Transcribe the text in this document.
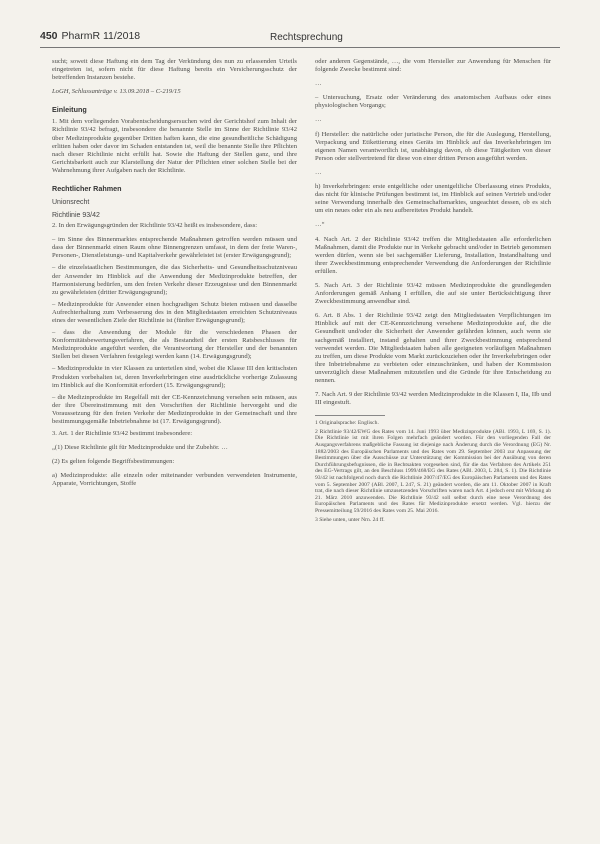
450 PharmR 11/2018	Rechtsprechung

sucht; soweit diese Haftung ein dem Tag der Verkündung des nun zu erlassenden Urteils eingetreten ist, sofern nicht für diese Haftung bereits ein Versicherungsschutz der betreffenden Instanzen bestehe.

LoGH, Schlussanträge v. 13.09.2018 – C-219/15

Einleitung

1. Mit dem vorliegenden Vorabentscheidungsersuchen wird der Gerichtshof zum Inhalt der Richtlinie 93/42 befragt, insbesondere die benannte Stelle im Sinne der Richtlinie 93/42 über Medizinprodukte gegenüber Dritten haften kann, die eine gesundheitliche Schädigung erlitten haben oder davor im Schaden entstanden ist, weil die benannte Stelle ihre Pflichten nach dieser Richtlinie nicht erfüllt hat. Sowie die Haftung der Stellen ganz, und ihre Gerichtsbarkeit auch zur Klarstellung der Natur der Pflichten einer solchen Stelle bei der Wahrnehmung ihrer Aufgaben nach der Richtlinie.

Rechtlicher Rahmen
Unionsrecht
Richtlinie 93/42

2. In den Erwägungsgründen der Richtlinie 93/42 heißt es insbesondere, dass:

– im Sinne des Binnenmarktes entsprechende Maßnahmen getroffen werden müssen und dass der Binnenmarkt einen Raum ohne Binnengrenzen umfasst, in dem der freie Waren-, Personen-, Dienstleistungs- und Kapitalverkehr gewährleistet ist (erster Erwägungsgrund);

– die einzelstaatlichen Bestimmungen, die das Sicherheits- und Gesundheitsschutzniveau der Anwender im Hinblick auf die Anwendung der Medizinprodukte betreffen, der Harmonisierung bedürfen, um den freien Verkehr dieser Erzeugnisse und den Binnenmarkt zu gewährleisten (dritter Erwägungsgrund);

– Medizinprodukte für Anwender einen hochgradigen Schutz bieten müssen und dasselbe Aufrechterhaltung zum Verbesserung des in den Mitgliedstaaten erreichten Schutzniveaus eines der wesentlichen Ziele der Richtlinie ist (fünfter Erwägungsgrund);

– dass die Anwendung der Module für die verschiedenen Phasen der Konformitätsbewertungsverfahren, die als Bestandteil der ersten Ratsbeschlusses für Medizinprodukte angeführt werden, die Verantwortung der Hersteller und der benannten Stellen bei diesen Verfahren festgelegt werden kann (14. Erwägungsgrund);

– Medizinprodukte in vier Klassen zu unterteilen sind, wobei die Klasse III den kritischsten Produkten vorbehalten ist, deren Inverkehrbringen eine ausdrückliche vorherige Zulassung im Hinblick auf die Konformität erfordert (15. Erwägungsgrund);

– die Medizinprodukte im Regelfall mit der CE-Kennzeichnung versehen sein müssen, aus der ihre Übereinstimmung mit den Vorschriften der Richtlinie hervorgeht und die Voraussetzung für den freien Verkehr der Medizinprodukte in der Gemeinschaft und ihre bestimmungsgemäße Inbetriebnahme ist (17. Erwägungsgrund).

3. Art. 1 der Richtlinie 93/42 bestimmt insbesondere:

„(1) Diese Richtlinie gilt für Medizinprodukte und ihr Zubehör. …

(2) Es gelten folgende Begriffsbestimmungen:

a) Medizinprodukte: alle einzeln oder miteinander verbunden verwendeten Instrumente, Apparate, Vorrichtungen, Stoffe

oder anderen Gegenstände, …, die vom Hersteller zur Anwendung für Menschen für folgende Zwecke bestimmt sind:

…

– Untersuchung, Ersatz oder Veränderung des anatomischen Aufbaus oder eines physiologischen Vorgangs;

…

f) Hersteller: die natürliche oder juristische Person, die für die Auslegung, Herstellung, Verpackung und Etikettierung eines Geräts im Hinblick auf das Inverkehrbringen im eigenen Namen verantwortlich ist, unabhängig davon, ob diese Tätigkeiten von dieser Person oder stellvertretend für diese von einer dritten Person ausgeführt werden.

…

h) Inverkehrbringen: erste entgeltliche oder unentgeltliche Überlassung eines Produkts, das nicht für klinische Prüfungen bestimmt ist, im Hinblick auf seinen Vertrieb und/oder seine Verwendung innerhalb des Gemeinschaftsmarktes, ungeachtet dessen, ob es sich um ein neues oder ein als neu aufbereitetes Produkt handelt.

…“

4. Nach Art. 2 der Richtlinie 93/42 treffen die Mitgliedstaaten alle erforderlichen Maßnahmen, damit die Produkte nur in Verkehr gebracht und/oder in Betrieb genommen werden dürfen, wenn sie bei sachgemäßer Lieferung, Installation, Instandhaltung und ihrer Zweckbestimmung entsprechender Verwendung die Anforderungen der Richtlinie erfüllen.

5. Nach Art. 3 der Richtlinie 93/42 müssen Medizinprodukte die grundlegenden Anforderungen gemäß Anhang I erfüllen, die auf sie unter Berücksichtigung ihrer Zweckbestimmung anwendbar sind.

6. Art. 8 Abs. 1 der Richtlinie 93/42 zeigt den Mitgliedstaaten Verpflichtungen im Hinblick auf mit der CE-Kennzeichnung versehene Medizinprodukte auf, die die Gesundheit und/oder die Sicherheit der Anwender gefährden können, auch wenn sie sachgemäß installiert, instand gehalten und ihrer Zweckbestimmung entsprechend verwendet werden. Die Mitgliedstaaten haben alle geeigneten vorläufigen Maßnahmen zu treffen, um diese Produkte vom Markt zurückzuziehen oder ihr Inverkehrbringen oder ihre Inbetriebnahme zu verbieten oder einzuschränken, und haben der Kommission unverzüglich diese Maßnahmen mitzuteilen und die Gründe für ihre Entscheidung zu nennen.

7. Nach Art. 9 der Richtlinie 93/42 werden Medizinprodukte in die Klassen I, IIa, IIb und III eingestuft.

1 Originalsprache: Englisch.

2 Richtlinie 93/42/EWG des Rates vom 14. Juni 1993 über Medizinprodukte (ABl. 1993, L 169, S. 1). Die Richtlinie ist mit ihren Folgen mehrfach geändert worden. Für den vorliegenden Fall der Ausgangsverfahrens maßgebliche Fassung ist diejenige nach Änderung durch die Verordnung (EG) Nr. 1882/2003 des Europäischen Parlaments und des Rates vom 29. September 2003 zur Anpassung der Bestimmungen über die Ausschüsse zur Unterstützung der Kommission bei der Ausübung von deren Durchführungsbefugnissen, die in Rechtsakten vorgesehen sind, für die das Verfahren des Artikels 251 des EG-Vertrags gilt, an den Beschluss 1999/468/EG des Rates (ABl. 2003, L 284, S. 1). Die Richtlinie 93/42 ist nachfolgend noch durch die Richtlinie 2007/47/EG des Europäischen Parlaments und des Rates vom 5. September 2007 (ABl. 2007, L 247, S. 21) geändert worden, die am 11. Oktober 2007 in Kraft trat, die nach dieser Richtlinie umzusetzenden Vorschriften waren nach Art. 4 jedoch erst mit Wirkung ab 21. März 2010 anzuwenden. Die Richtlinie 93/42 soll selbst durch eine neue Verordnung des Europäischen Parlaments und des Rates für Medizinprodukte ersetzt werden. Vgl. hierzu der Pressemitteilung 59/2016 des Rates vom 25. Mai 2016.

3 Siehe unten, unter Nrn. 24 ff.
